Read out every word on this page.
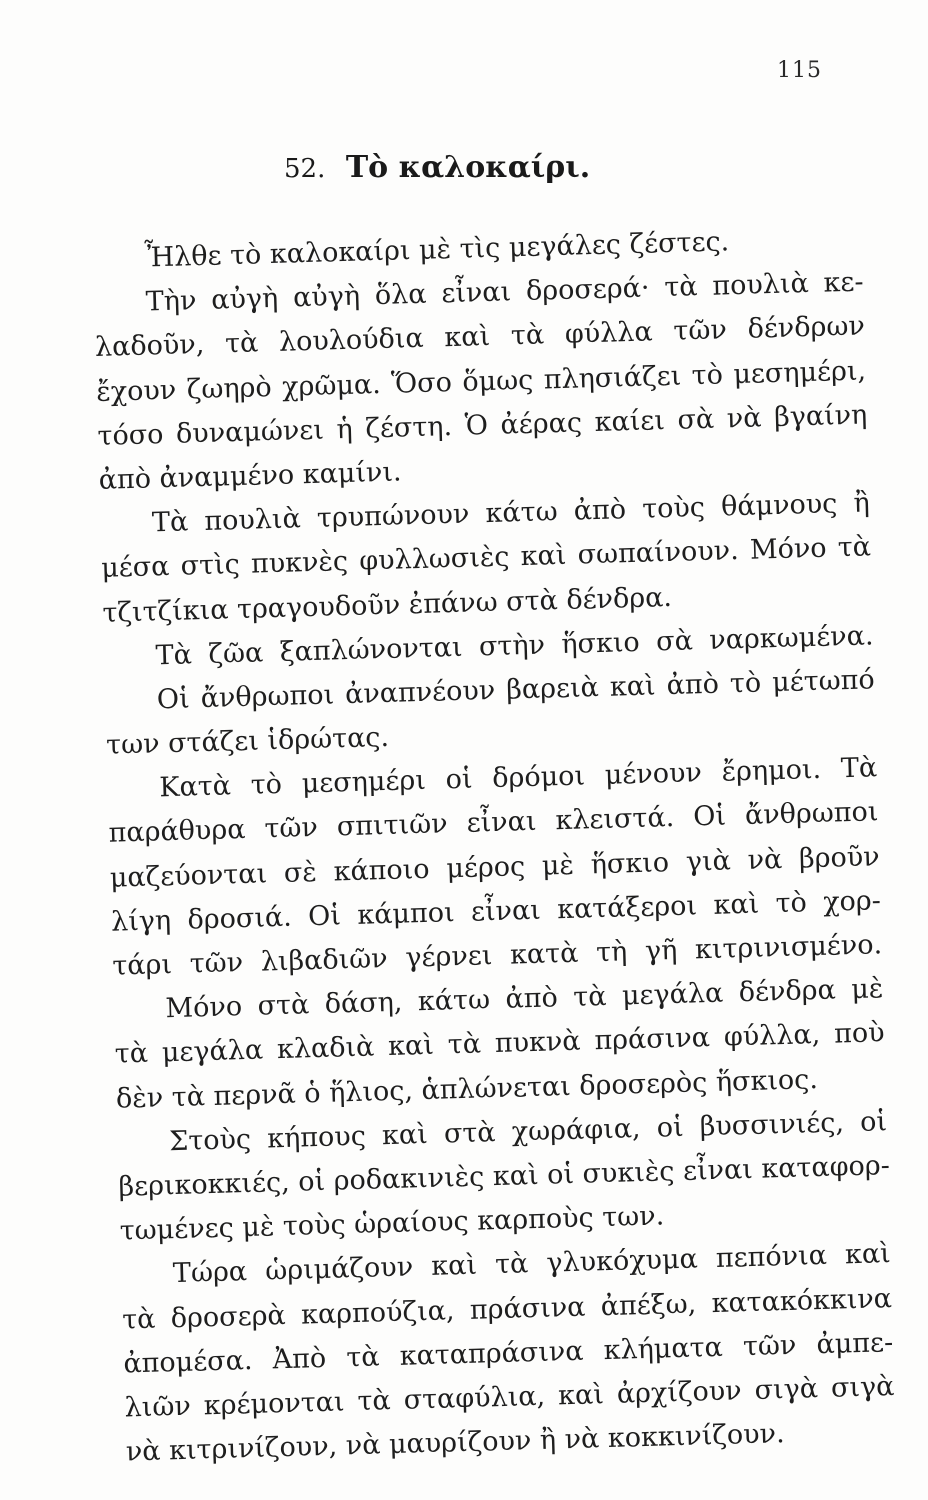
115
52. Τὸ καλοκαίρι.
Ἦλθε τὸ καλοκαίρι μὲ τὶς μεγάλες ζέστες.
Τὴν αὐγὴ αὐγὴ ὅλα εἶναι δροσερά· τὰ πουλιὰ κε-
λαδοῦν, τὰ λουλούδια καὶ τὰ φύλλα τῶν δένδρων
ἔχουν ζωηρὸ χρῶμα. Ὅσο ὅμως πλησιάζει τὸ μεσημέρι,
τόσο δυναμώνει ἡ ζέστη. Ὁ ἀέρας καίει σὰ νὰ βγαίνη
ἀπὸ ἀναμμένο καμίνι.
Τὰ πουλιὰ τρυπώνουν κάτω ἀπὸ τοὺς θάμνους ἢ
μέσα στὶς πυκνὲς φυλλωσιὲς καὶ σωπαίνουν. Μόνο τὰ
τζιτζίκια τραγουδοῦν ἐπάνω στὰ δένδρα.
Τὰ ζῶα ξαπλώνονται στὴν ἥσκιο σὰ ναρκωμένα.
Οἱ ἄνθρωποι ἀναπνέουν βαρειὰ καὶ ἀπὸ τὸ μέτωπό
των στάζει ἱδρώτας.
Κατὰ τὸ μεσημέρι οἱ δρόμοι μένουν ἔρημοι. Τὰ
παράθυρα τῶν σπιτιῶν εἶναι κλειστά. Οἱ ἄνθρωποι
μαζεύονται σὲ κάποιο μέρος μὲ ἥσκιο γιὰ νὰ βροῦν
λίγη δροσιά. Οἱ κάμποι εἶναι κατάξεροι καὶ τὸ χορ-
τάρι τῶν λιβαδιῶν γέρνει κατὰ τὴ γῆ κιτρινισμένο.
Μόνο στὰ δάση, κάτω ἀπὸ τὰ μεγάλα δένδρα μὲ
τὰ μεγάλα κλαδιὰ καὶ τὰ πυκνὰ πράσινα φύλλα, ποὺ
δὲν τὰ περνᾶ ὁ ἥλιος, ἁπλώνεται δροσερὸς ἥσκιος.
Στοὺς κήπους καὶ στὰ χωράφια, οἱ βυσσινιές, οἱ
βερικοκκιές, οἱ ροδακινιὲς καὶ οἱ συκιὲς εἶναι καταφορ-
τωμένες μὲ τοὺς ὡραίους καρποὺς των.
Τώρα ὡριμάζουν καὶ τὰ γλυκόχυμα πεπόνια καὶ
τὰ δροσερὰ καρπούζια, πράσινα ἀπέξω, κατακόκκινα
ἀπομέσα. Ἀπὸ τὰ καταπράσινα κλήματα τῶν ἀμπε-
λιῶν κρέμονται τὰ σταφύλια, καὶ ἀρχίζουν σιγὰ σιγὰ
νὰ κιτρινίζουν, νὰ μαυρίζουν ἢ νὰ κοκκινίζουν.
